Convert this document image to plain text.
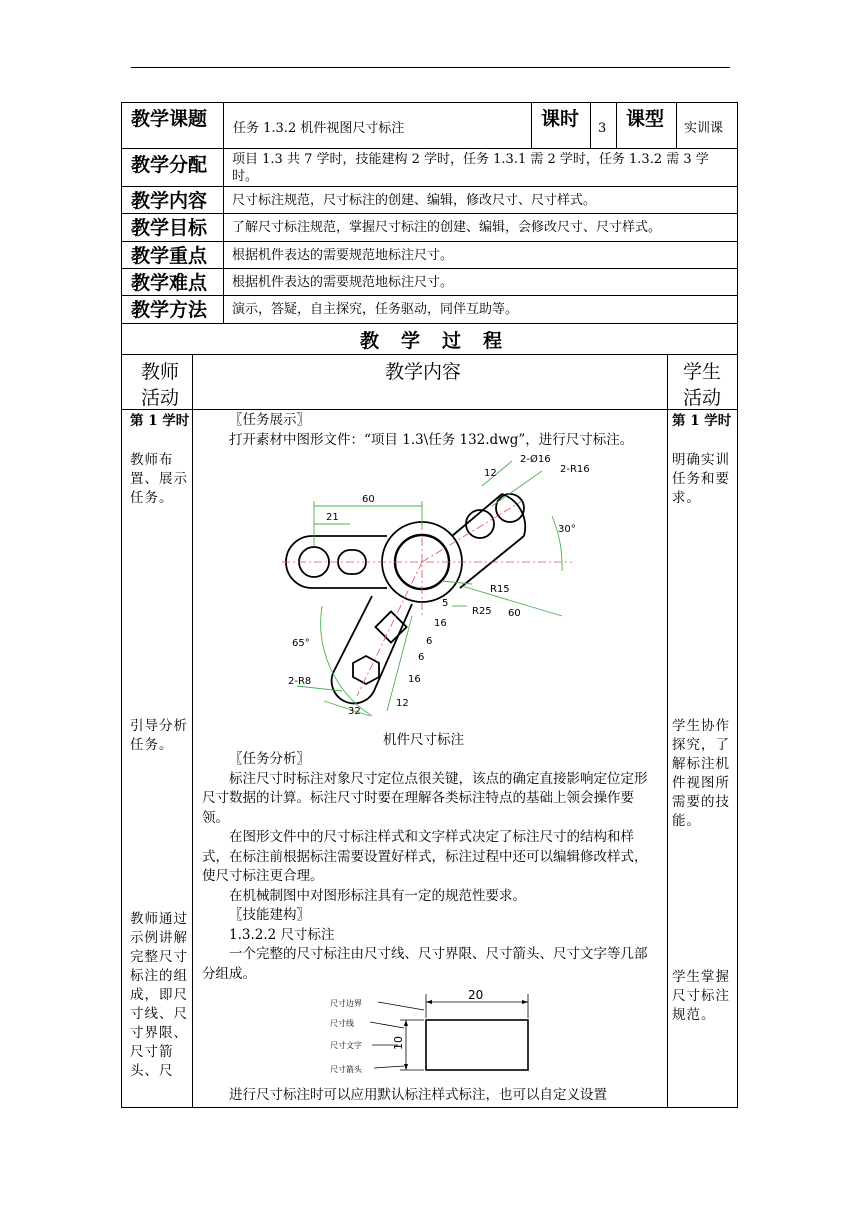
教学课题 任务 1.3.2 机件视图尺寸标注	课时 3 课型 实训课
教学分配 项目 1.3 共 7 学时，技能建构 2 学时，任务 1.3.1 需 2 学时，任务 1.3.2 需 3 学时。
教学内容 尺寸标注规范，尺寸标注的创建、编辑，修改尺寸、尺寸样式。
教学目标 了解尺寸标注规范，掌握尺寸标注的创建、编辑，会修改尺寸、尺寸样式。
教学重点 根据机件表达的需要规范地标注尺寸。
教学难点 根据机件表达的需要规范地标注尺寸。
教学方法 演示，答疑，自主探究，任务驱动，同伴互助等。
教学过程
教师活动
教学内容	学生活动
第 1 学时
教师布置、展示任务。
引导分析任务。
教师通过示例讲解完整尺寸标注的组成，即尺寸线、尺寸界限、尺寸箭头、尺
第 1 学时
明确实训任务和要求。
学生协作探究，了解标注机件视图所需要的技能。
学生掌握尺寸标注规范。

〖任务展示〗

打开素材中图形文件：“项目 1.3\任务 132.dwg”，进行尺寸标注。

60
21
12
2-Ø16
2-R16
30°
R15
R25 60
65°
2-R8
32
12
16
6
6
16
5
机件尺寸标注

〖任务分析〗

标注尺寸时标注对象尺寸定位点很关键，该点的确定直接影响定位定形尺寸数据的计算。标注尺寸时要在理解各类标注特点的基础上领会操作要领。

在图形文件中的尺寸标注样式和文字样式决定了标注尺寸的结构和样式，在标注前根据标注需要设置好样式，标注过程中还可以编辑修改样式，使尺寸标注更合理。

在机械制图中对图形标注具有一定的规范性要求。

〖技能建构〗

1.3.2.2 尺寸标注

一个完整的尺寸标注由尺寸线、尺寸界限、尺寸箭头、尺寸文字等几部分组成。

20
10
尺寸边界
尺寸线
尺寸文字
尺寸箭头

进行尺寸标注时可以应用默认标注样式标注，也可以自定义设置
